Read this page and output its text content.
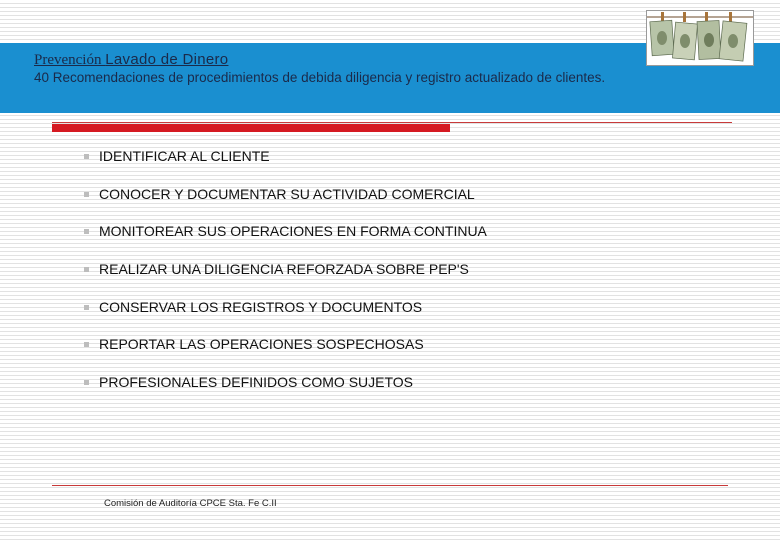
Prevención Lavado de Dinero

40 Recomendaciones de procedimientos de debida diligencia y registro actualizado de clientes.

IDENTIFICAR AL CLIENTE
CONOCER Y DOCUMENTAR SU ACTIVIDAD COMERCIAL
MONITOREAR SUS OPERACIONES EN FORMA CONTINUA
REALIZAR UNA DILIGENCIA REFORZADA SOBRE PEP'S
CONSERVAR LOS REGISTROS Y DOCUMENTOS
REPORTAR LAS OPERACIONES SOSPECHOSAS
PROFESIONALES DEFINIDOS COMO SUJETOS

Comisión de Auditoría CPCE Sta. Fe C.II
